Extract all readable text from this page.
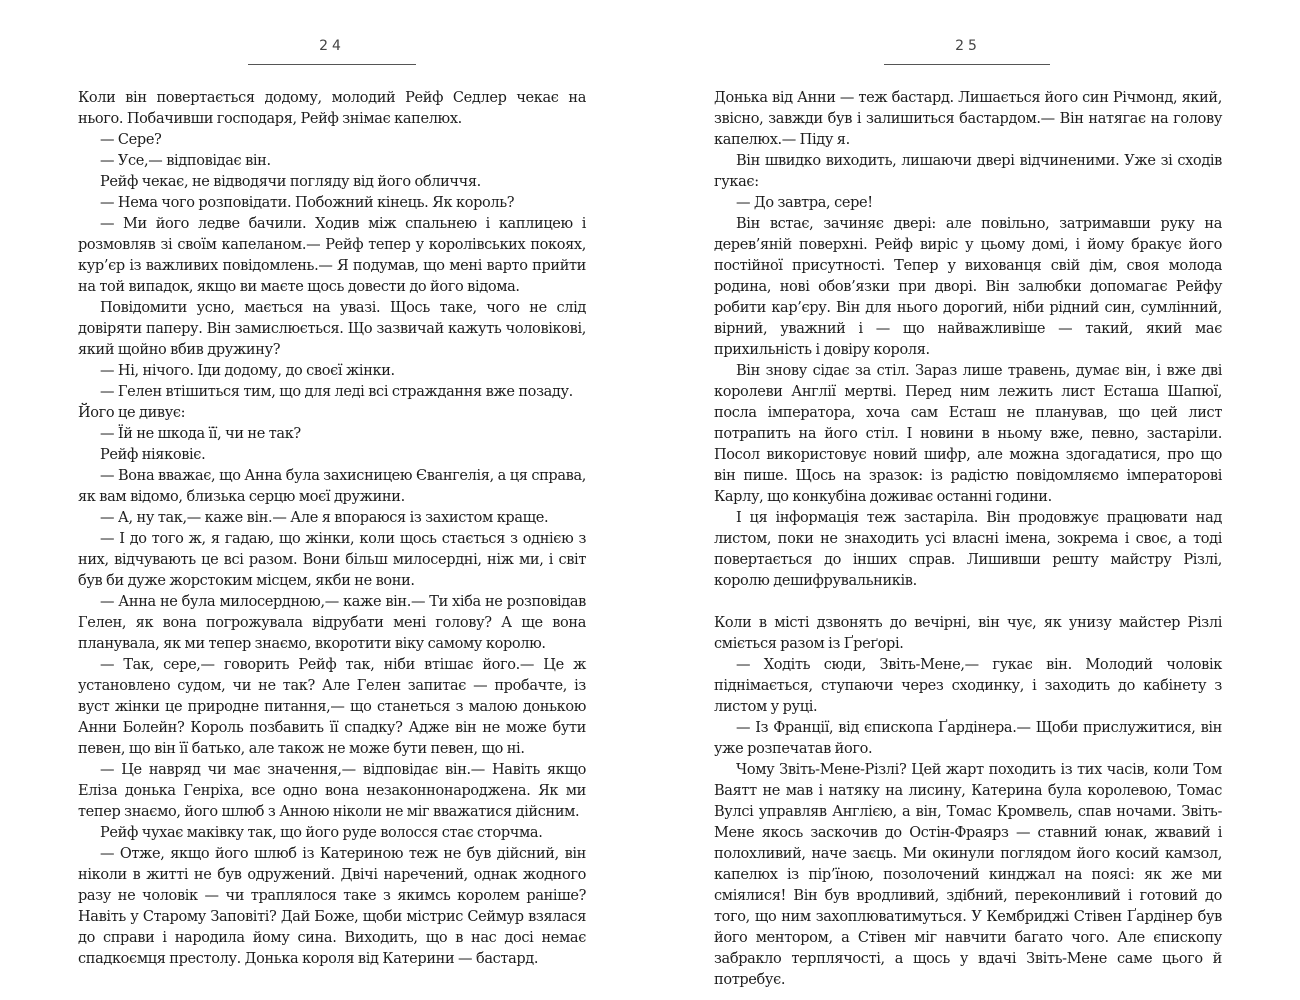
24

Коли він повертається додому, молодий Рейф Седлер чекає на нього. Побачивши господаря, Рейф знімає капелюх.

— Сере?

— Усе,— відповідає він.

Рейф чекає, не відводячи погляду від його обличчя.

— Нема чого розповідати. Побожний кінець. Як король?

— Ми його ледве бачили. Ходив між спальнею і каплицею і розмовляв зі своїм капеланом.— Рейф тепер у королівських покоях, кур’єр із важливих повідомлень.— Я подумав, що мені варто прийти на той випадок, якщо ви маєте щось довести до його відома.

Повідомити усно, мається на увазі. Щось таке, чого не слід довіряти паперу. Він замислюється. Що зазвичай кажуть чоловікові, який щойно вбив дружину?

— Ні, нічого. Іди додому, до своєї жінки.

— Гелен втішиться тим, що для леді всі страждання вже позаду.

Його це дивує:

— Їй не шкода її, чи не так?

Рейф ніяковіє.

— Вона вважає, що Анна була захисницею Євангелія, а ця справа, як вам відомо, близька серцю моєї дружини.

— А, ну так,— каже він.— Але я впораюся із захистом краще.

— І до того ж, я гадаю, що жінки, коли щось стається з однією з них, відчувають це всі разом. Вони більш милосердні, ніж ми, і світ був би дуже жорстоким місцем, якби не вони.

— Анна не була милосердною,— каже він.— Ти хіба не розповідав Гелен, як вона погрожувала відрубати мені голову? А ще вона планувала, як ми тепер знаємо, вкоротити віку самому королю.

— Так, сере,— говорить Рейф так, ніби втішає його.— Це ж установлено судом, чи не так? Але Гелен запитає — пробачте, із вуст жінки це природне питання,— що станеться з малою донькою Анни Болейн? Король позбавить її спадку? Адже він не може бути певен, що він її батько, але також не може бути певен, що ні.

— Це навряд чи має значення,— відповідає він.— Навіть якщо Еліза донька Генріха, все одно вона незаконнонароджена. Як ми тепер знаємо, його шлюб з Анною ніколи не міг вважатися дійсним.

Рейф чухає маківку так, що його руде волосся стає сторчма.

— Отже, якщо його шлюб із Катериною теж не був дійсний, він ніколи в житті не був одружений. Двічі наречений, однак жодного разу не чоловік — чи траплялося таке з якимсь королем раніше? Навіть у Старому Заповіті? Дай Боже, щоби містрис Сеймур взялася до справи і народила йому сина. Виходить, що в нас досі немає спадкоємця престолу. Донька короля від Катерини — бастард.

25

Донька від Анни — теж бастард. Лишається його син Річмонд, який, звісно, завжди був і залишиться бастардом.— Він натягає на голову капелюх.— Піду я.

Він швидко виходить, лишаючи двері відчиненими. Уже зі сходів гукає:

— До завтра, сере!

Він встає, зачиняє двері: але повільно, затримавши руку на дерев’яній поверхні. Рейф виріс у цьому домі, і йому бракує його постійної присутності. Тепер у вихованця свій дім, своя молода родина, нові обов’язки при дворі. Він залюбки допомагає Рейфу робити кар’єру. Він для нього дорогий, ніби рідний син, сумлінний, вірний, уважний і — що найважливіше — такий, який має прихильність і довіру короля.

Він знову сідає за стіл. Зараз лише травень, думає він, і вже дві королеви Англії мертві. Перед ним лежить лист Еcташа Шапюї, посла імператора, хоча сам Есташ не планував, що цей лист потрапить на його стіл. І новини в ньому вже, певно, застаріли. Посол використовує новий шифр, але можна здогадатися, про що він пише. Щось на зразок: із радістю повідомляємо імператорові Карлу, що конкубіна доживає останні години.

І ця інформація теж застаріла. Він продовжує працювати над листом, поки не знаходить усі власні імена, зокрема і своє, а тоді повертається до інших справ. Лишивши решту майстру Різлі, королю дешифрувальників.

Коли в місті дзвонять до вечірні, він чує, як унизу майстер Різлі сміється разом із Ґреґорі.

— Ходіть сюди, Звіть-Мене,— гукає він. Молодий чоловік піднімається, ступаючи через сходинку, і заходить до кабінету з листом у руці.

— Із Франції, від єпископа Ґардінера.— Щоби прислужитися, він уже розпечатав його.

Чому Звіть-Мене-Різлі? Цей жарт походить із тих часів, коли Том Ваятт не мав і натяку на лисину, Катерина була королевою, Томас Вулсі управляв Англією, а він, Томас Кромвель, спав ночами. Звіть-Мене якось заскочив до Остін-Фраярз — ставний юнак, жвавий і полохливий, наче заєць. Ми окинули поглядом його косий камзол, капелюх із пір’їною, позолочений кинджал на поясі: як же ми сміялися! Він був вродливий, здібний, переконливий і готовий до того, що ним захоплюватимуться. У Кембриджі Стівен Ґардінер був його ментором, а Стівен міг навчити багато чого. Але єпископу забракло терплячості, а щось у вдачі Звіть-Мене саме цього й потребує.
